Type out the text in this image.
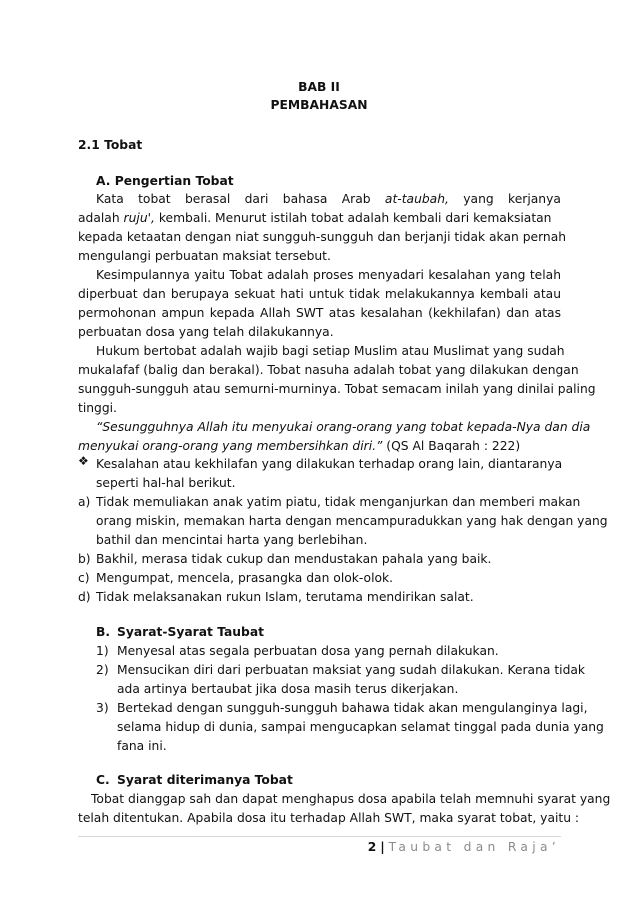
BAB II
PEMBAHASAN
2.1 Tobat
A. Pengertian Tobat
Kata tobat berasal dari bahasa Arab at-taubah, yang kerjanya
adalah ruju', kembali. Menurut istilah tobat adalah kembali dari kemaksiatan
kepada ketaatan dengan niat sungguh-sungguh dan berjanji tidak akan pernah
mengulangi perbuatan maksiat tersebut.
Kesimpulannya yaitu Tobat adalah proses menyadari kesalahan yang telah
diperbuat dan berupaya sekuat hati untuk tidak melakukannya kembali atau
permohonan ampun kepada Allah SWT atas kesalahan (kekhilafan) dan atas
perbuatan dosa yang telah dilakukannya.
Hukum bertobat adalah wajib bagi setiap Muslim atau Muslimat yang sudah
mukalafaf (balig dan berakal). Tobat nasuha adalah tobat yang dilakukan dengan
sungguh-sungguh atau semurni-murninya. Tobat semacam inilah yang dinilai paling
tinggi.
“Sesungguhnya Allah itu menyukai orang-orang yang tobat kepada-Nya dan dia
menyukai orang-orang yang membersihkan diri.” (QS Al Baqarah : 222)
❖
Kesalahan atau kekhilafan yang dilakukan terhadap orang lain, diantaranya
seperti hal-hal berikut.
a) Tidak memuliakan anak yatim piatu, tidak menganjurkan dan memberi makan
orang miskin, memakan harta dengan mencampuradukkan yang hak dengan yang
bathil dan mencintai harta yang berlebihan.
b) Bakhil, merasa tidak cukup dan mendustakan pahala yang baik.
c) Mengumpat, mencela, prasangka dan olok-olok.
d) Tidak melaksanakan rukun Islam, terutama mendirikan salat.
B. Syarat-Syarat Taubat
1) Menyesal atas segala perbuatan dosa yang pernah dilakukan.
2) Mensucikan diri dari perbuatan maksiat yang sudah dilakukan. Kerana tidak
ada artinya bertaubat jika dosa masih terus dikerjakan.
3) Bertekad dengan sungguh-sungguh bahawa tidak akan mengulanginya lagi,
selama hidup di dunia, sampai mengucapkan selamat tinggal pada dunia yang
fana ini.
C. Syarat diterimanya Tobat
Tobat dianggap sah dan dapat menghapus dosa apabila telah memnuhi syarat yang
telah ditentukan. Apabila dosa itu terhadap Allah SWT, maka syarat tobat, yaitu :
2 | Taubat dan Raja’
